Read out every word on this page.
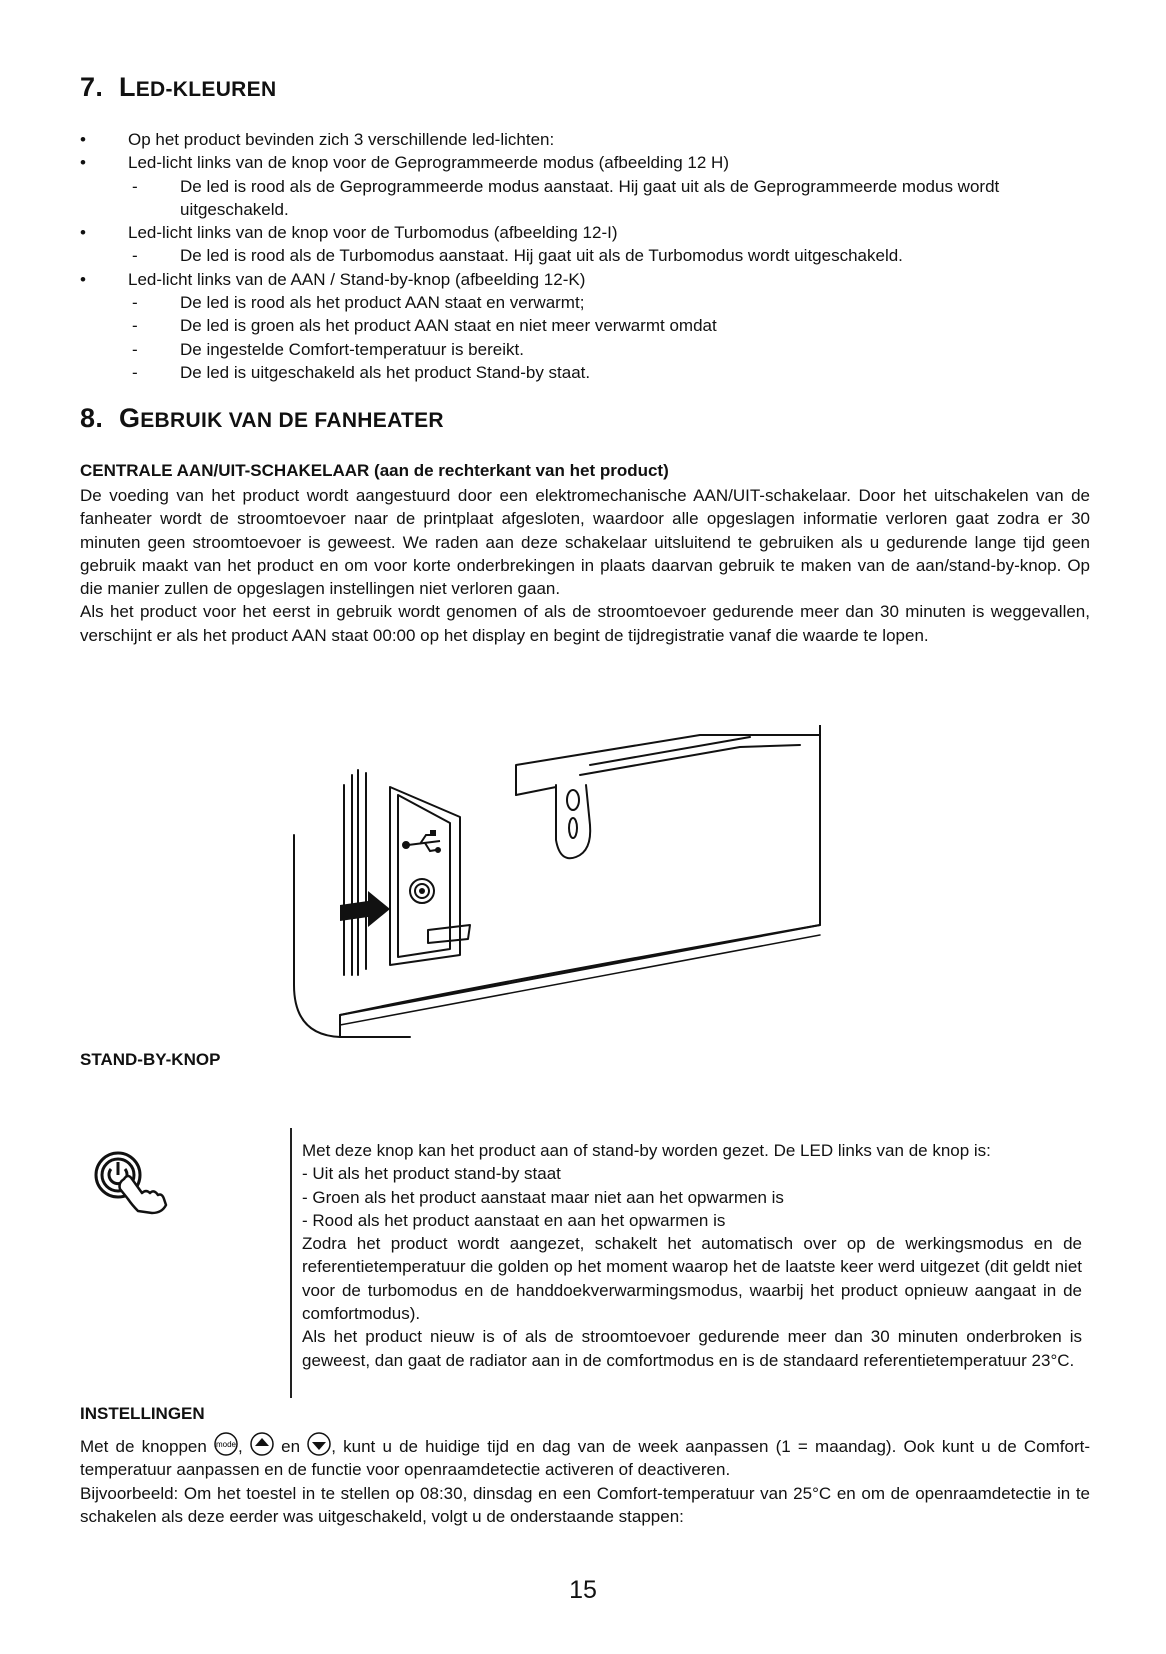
7. LED-KLEUREN
• Op het product bevinden zich 3 verschillende led-lichten:
• Led-licht links van de knop voor de Geprogrammeerde modus (afbeelding 12 H)
- De led is rood als de Geprogrammeerde modus aanstaat. Hij gaat uit als de Geprogrammeerde modus wordt uitgeschakeld.
• Led-licht links van de knop voor de Turbomodus (afbeelding 12-I)
- De led is rood als de Turbomodus aanstaat. Hij gaat uit als de Turbomodus wordt uitgeschakeld.
• Led-licht links van de AAN / Stand-by-knop (afbeelding 12-K)
- De led is rood als het product AAN staat en verwarmt;
- De led is groen als het product AAN staat en niet meer verwarmt omdat
- De ingestelde Comfort-temperatuur is bereikt.
- De led is uitgeschakeld als het product Stand-by staat.
8. GEBRUIK VAN DE FANHEATER
CENTRALE AAN/UIT-SCHAKELAAR (aan de rechterkant van het product)

De voeding van het product wordt aangestuurd door een elektromechanische AAN/UIT-schakelaar. Door het uitschakelen van de fanheater wordt de stroomtoevoer naar de printplaat afgesloten, waardoor alle opgeslagen informatie verloren gaat zodra er 30 minuten geen stroomtoevoer is geweest. We raden aan deze schakelaar uitsluitend te gebruiken als u gedurende lange tijd geen gebruik maakt van het product en om voor korte onderbrekingen in plaats daarvan gebruik te maken van de aan/stand-by-knop. Op die manier zullen de opgeslagen instellingen niet verloren gaan.

Als het product voor het eerst in gebruik wordt genomen of als de stroomtoevoer gedurende meer dan 30 minuten is weggevallen, verschijnt er als het product AAN staat 00:00 op het display en begint de tijdregistratie vanaf die waarde te lopen.

STAND-BY-KNOP

Met deze knop kan het product aan of stand-by worden gezet. De LED links van de knop is:

- Uit als het product stand-by staat

- Groen als het product aanstaat maar niet aan het opwarmen is

- Rood als het product aanstaat en aan het opwarmen is

Zodra het product wordt aangezet, schakelt het automatisch over op de werkingsmodus en de referentietemperatuur die golden op het moment waarop het de laatste keer werd uitgezet (dit geldt niet voor de turbomodus en de handdoekverwarmingsmodus, waarbij het product opnieuw aangaat in de comfortmodus).

Als het product nieuw is of als de stroomtoevoer gedurende meer dan 30 minuten onderbroken is geweest, dan gaat de radiator aan in de comfortmodus en is de standaard referentietemperatuur 23°C.

INSTELLINGEN

Met de knoppen mode , en , kunt u de huidige tijd en dag van de week aanpassen (1 = maandag). Ook kunt u de Comfort-temperatuur aanpassen en de functie voor openraamdetectie activeren of deactiveren.

Bijvoorbeeld: Om het toestel in te stellen op 08:30, dinsdag en een Comfort-temperatuur van 25°C en om de openraamdetectie in te schakelen als deze eerder was uitgeschakeld, volgt u de onderstaande stappen:

15
